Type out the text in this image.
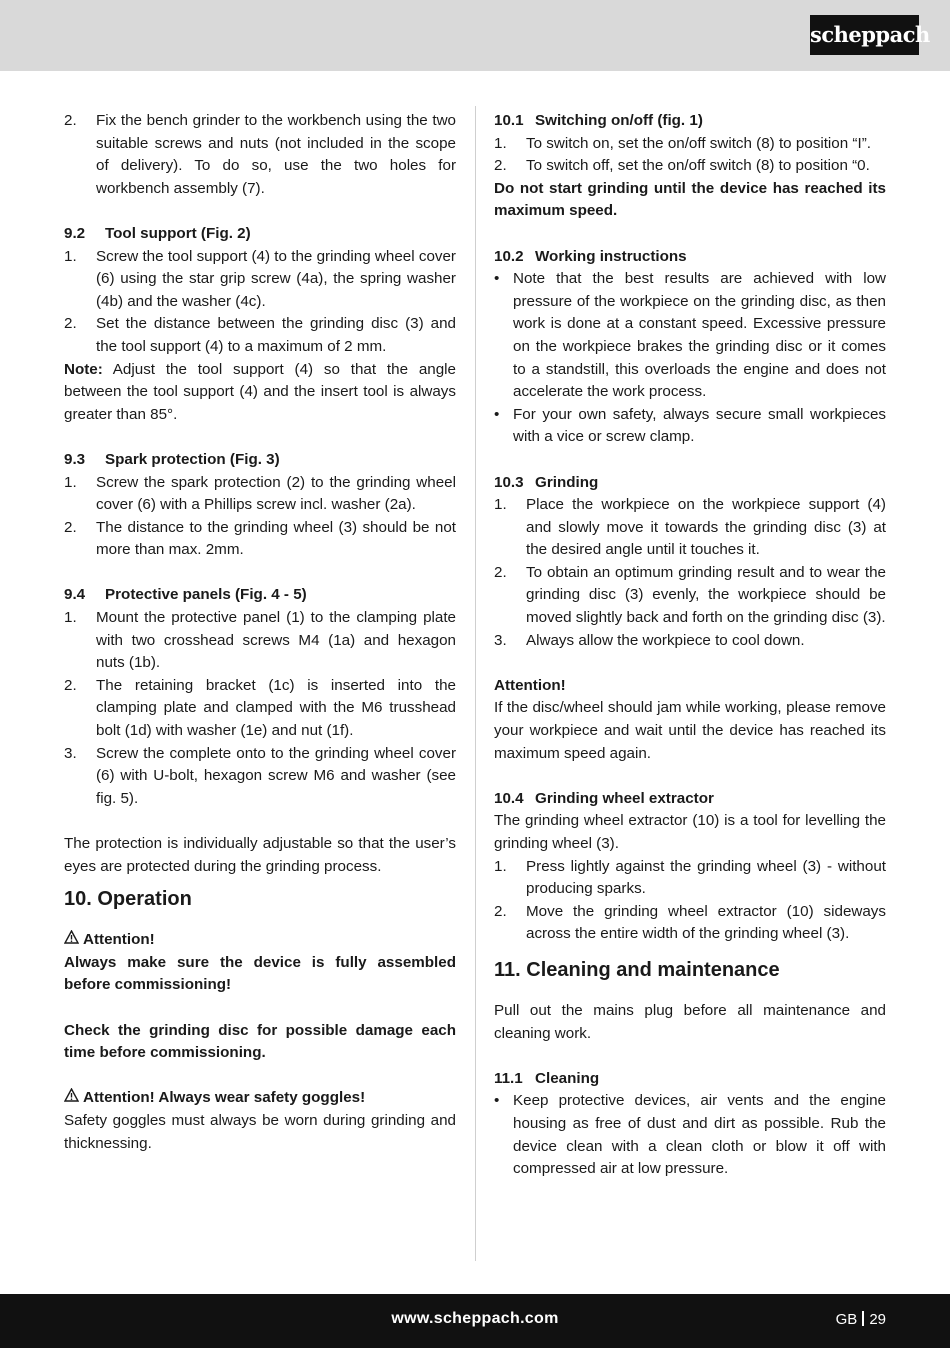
scheppach
2. Fix the bench grinder to the workbench using the two suitable screws and nuts (not included in the scope of delivery). To do so, use the two holes for workbench assembly (7).
9.2 Tool support (Fig. 2)
1. Screw the tool support (4) to the grinding wheel cover (6) using the star grip screw (4a), the spring washer (4b) and the washer (4c).
2. Set the distance between the grinding disc (3) and the tool support (4) to a maximum of 2 mm.

Note: Adjust the tool support (4) so that the angle between the tool support (4) and the insert tool is always greater than 85°.

9.3 Spark protection (Fig. 3)
1. Screw the spark protection (2) to the grinding wheel cover (6) with a Phillips screw incl. washer (2a).
2. The distance to the grinding wheel (3) should be not more than max. 2mm.
9.4 Protective panels (Fig. 4 - 5)
1. Mount the protective panel (1) to the clamping plate with two crosshead screws M4 (1a) and hexagon nuts (1b).
2. The retaining bracket (1c) is inserted into the clamping plate and clamped with the M6 trusshead bolt (1d) with washer (1e) and nut (1f).
3. Screw the complete onto to the grinding wheel cover (6) with U-bolt, hexagon screw M6 and washer (see fig. 5).

The protection is individually adjustable so that the user’s eyes are protected during the grinding process.

10. Operation
Attention!

Always make sure the device is fully assembled before commissioning!

Check the grinding disc for possible damage each time before commissioning.

Attention! Always wear safety goggles!

Safety goggles must always be worn during grinding and thicknessing.

10.1 Switching on/off (fig. 1)
1. To switch on, set the on/off switch (8) to position “I”.
2. To switch off, set the on/off switch (8) to position “0.

Do not start grinding until the device has reached its maximum speed.

10.2 Working instructions
• Note that the best results are achieved with low pressure of the workpiece on the grinding disc, as then work is done at a constant speed. Excessive pressure on the workpiece brakes the grinding disc or it comes to a standstill, this overloads the engine and does not accelerate the work process.
• For your own safety, always secure small workpieces with a vice or screw clamp.
10.3 Grinding
1. Place the workpiece on the workpiece support (4) and slowly move it towards the grinding disc (3) at the desired angle until it touches it.
2. To obtain an optimum grinding result and to wear the grinding disc (3) evenly, the workpiece should be moved slightly back and forth on the grinding disc (3).
3. Always allow the workpiece to cool down.

Attention!

If the disc/wheel should jam while working, please remove your workpiece and wait until the device has reached its maximum speed again.

10.4 Grinding wheel extractor

The grinding wheel extractor (10) is a tool for levelling the grinding wheel (3).

1. Press lightly against the grinding wheel (3) - without producing sparks.
2. Move the grinding wheel extractor (10) sideways across the entire width of the grinding wheel (3).
11. Cleaning and maintenance

Pull out the mains plug before all maintenance and cleaning work.

11.1 Cleaning
• Keep protective devices, air vents and the engine housing as free of dust and dirt as possible. Rub the device clean with a clean cloth or blow it off with compressed air at low pressure.
www.scheppach.com	GB 29
